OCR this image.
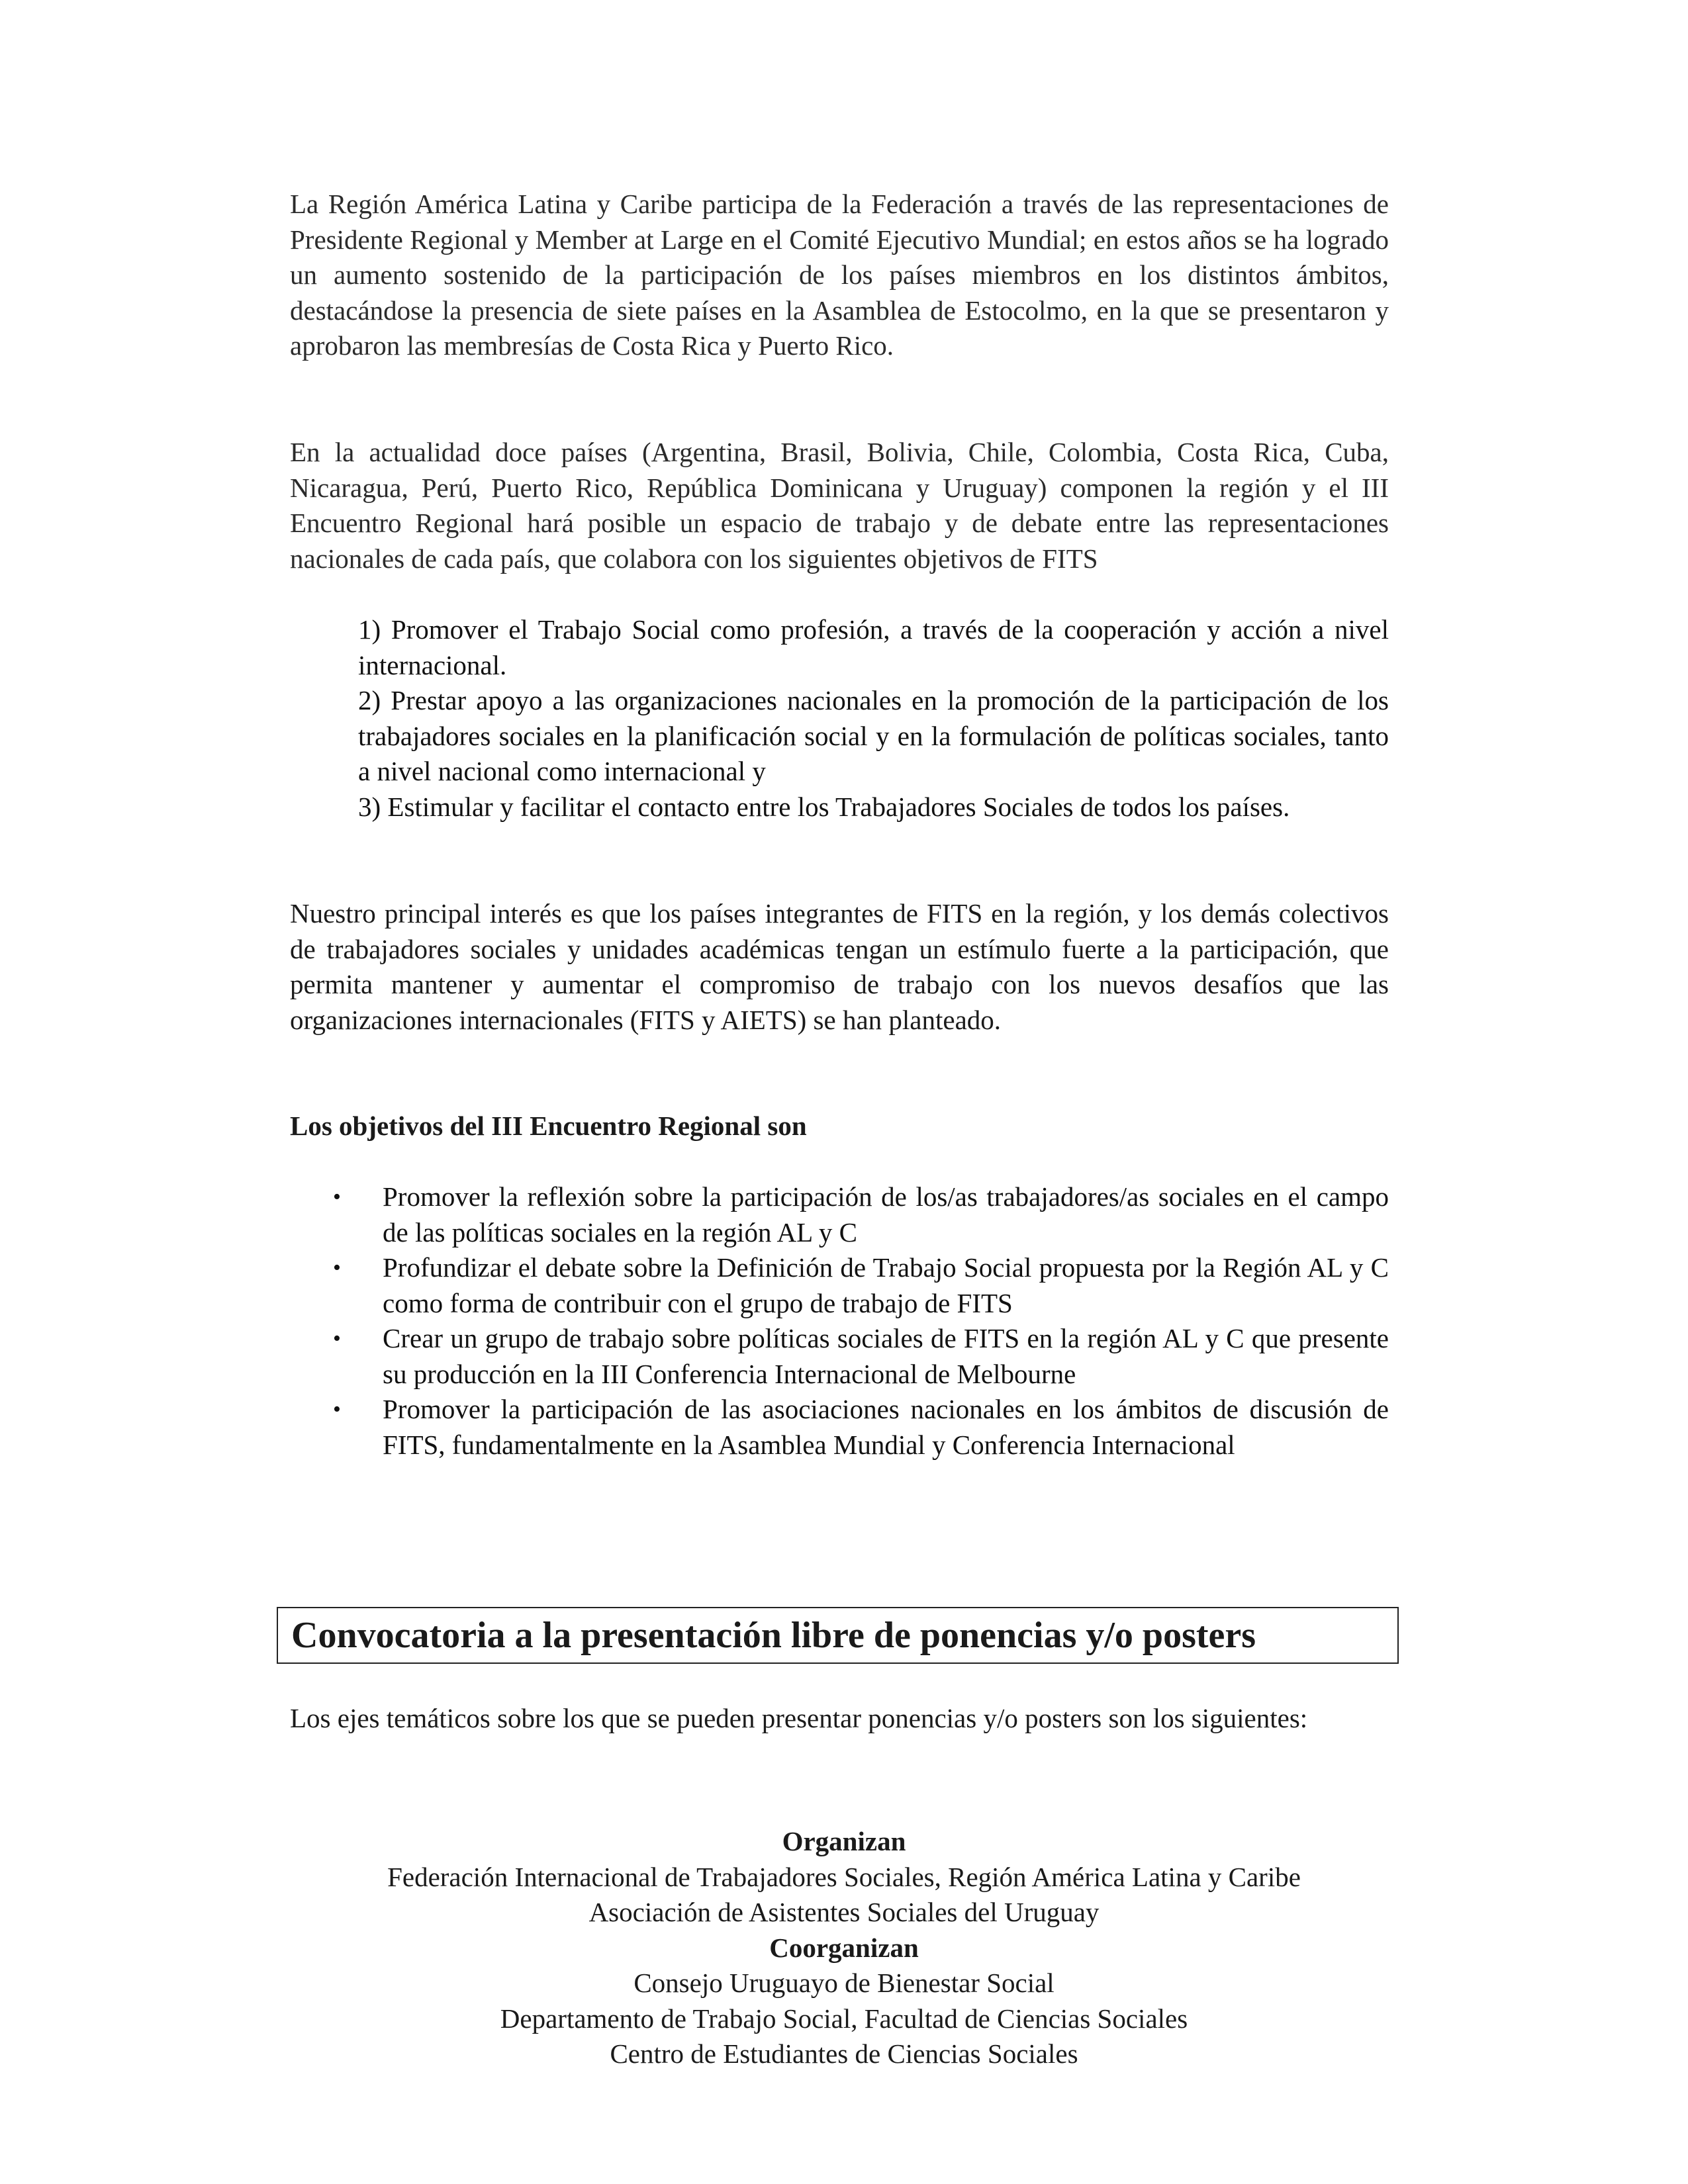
La Región América Latina y Caribe participa de la Federación a través de las representaciones de Presidente Regional y Member at Large en el Comité Ejecutivo Mundial; en estos años se ha logrado un aumento sostenido de la participación de los países miembros en los distintos ámbitos, destacándose la presencia de siete países en la Asamblea de Estocolmo, en la que se presentaron y aprobaron las membresías de Costa Rica y Puerto Rico.

En la actualidad doce países (Argentina, Brasil, Bolivia, Chile, Colombia, Costa Rica, Cuba, Nicaragua, Perú, Puerto Rico, República Dominicana y Uruguay) componen la región y el III Encuentro Regional hará posible un espacio de trabajo y de debate entre las representaciones nacionales de cada país, que colabora con los siguientes objetivos de FITS

1) Promover el Trabajo Social como profesión, a través de la cooperación y acción a nivel internacional.

2) Prestar apoyo a las organizaciones nacionales en la promoción de la participación de los trabajadores sociales en la planificación social y en la formulación de políticas sociales, tanto a nivel nacional como internacional y

3) Estimular y facilitar el contacto entre los Trabajadores Sociales de todos los países.

Nuestro principal interés es que los países integrantes de FITS en la región, y los demás colectivos de trabajadores sociales y unidades académicas tengan un estímulo fuerte a la participación, que permita mantener y aumentar el compromiso de trabajo con los nuevos desafíos que las organizaciones internacionales (FITS y AIETS) se han planteado.

Los objetivos del III Encuentro Regional son

• Promover la reflexión sobre la participación de los/as trabajadores/as sociales en el campo de las políticas sociales en la región AL y C
• Profundizar el debate sobre la Definición de Trabajo Social propuesta por la Región AL y C como forma de contribuir con el grupo de trabajo de FITS
• Crear un grupo de trabajo sobre políticas sociales de FITS en la región AL y C que presente su producción en la III Conferencia Internacional de Melbourne
• Promover la participación de las asociaciones nacionales en los ámbitos de discusión de FITS, fundamentalmente en la Asamblea Mundial y Conferencia Internacional
Convocatoria a la presentación libre de ponencias y/o posters

Los ejes temáticos sobre los que se pueden presentar ponencias y/o posters son los siguientes:

Organizan
Federación Internacional de Trabajadores Sociales, Región América Latina y Caribe
Asociación de Asistentes Sociales del Uruguay
Coorganizan
Consejo Uruguayo de Bienestar Social
Departamento de Trabajo Social, Facultad de Ciencias Sociales
Centro de Estudiantes de Ciencias Sociales
